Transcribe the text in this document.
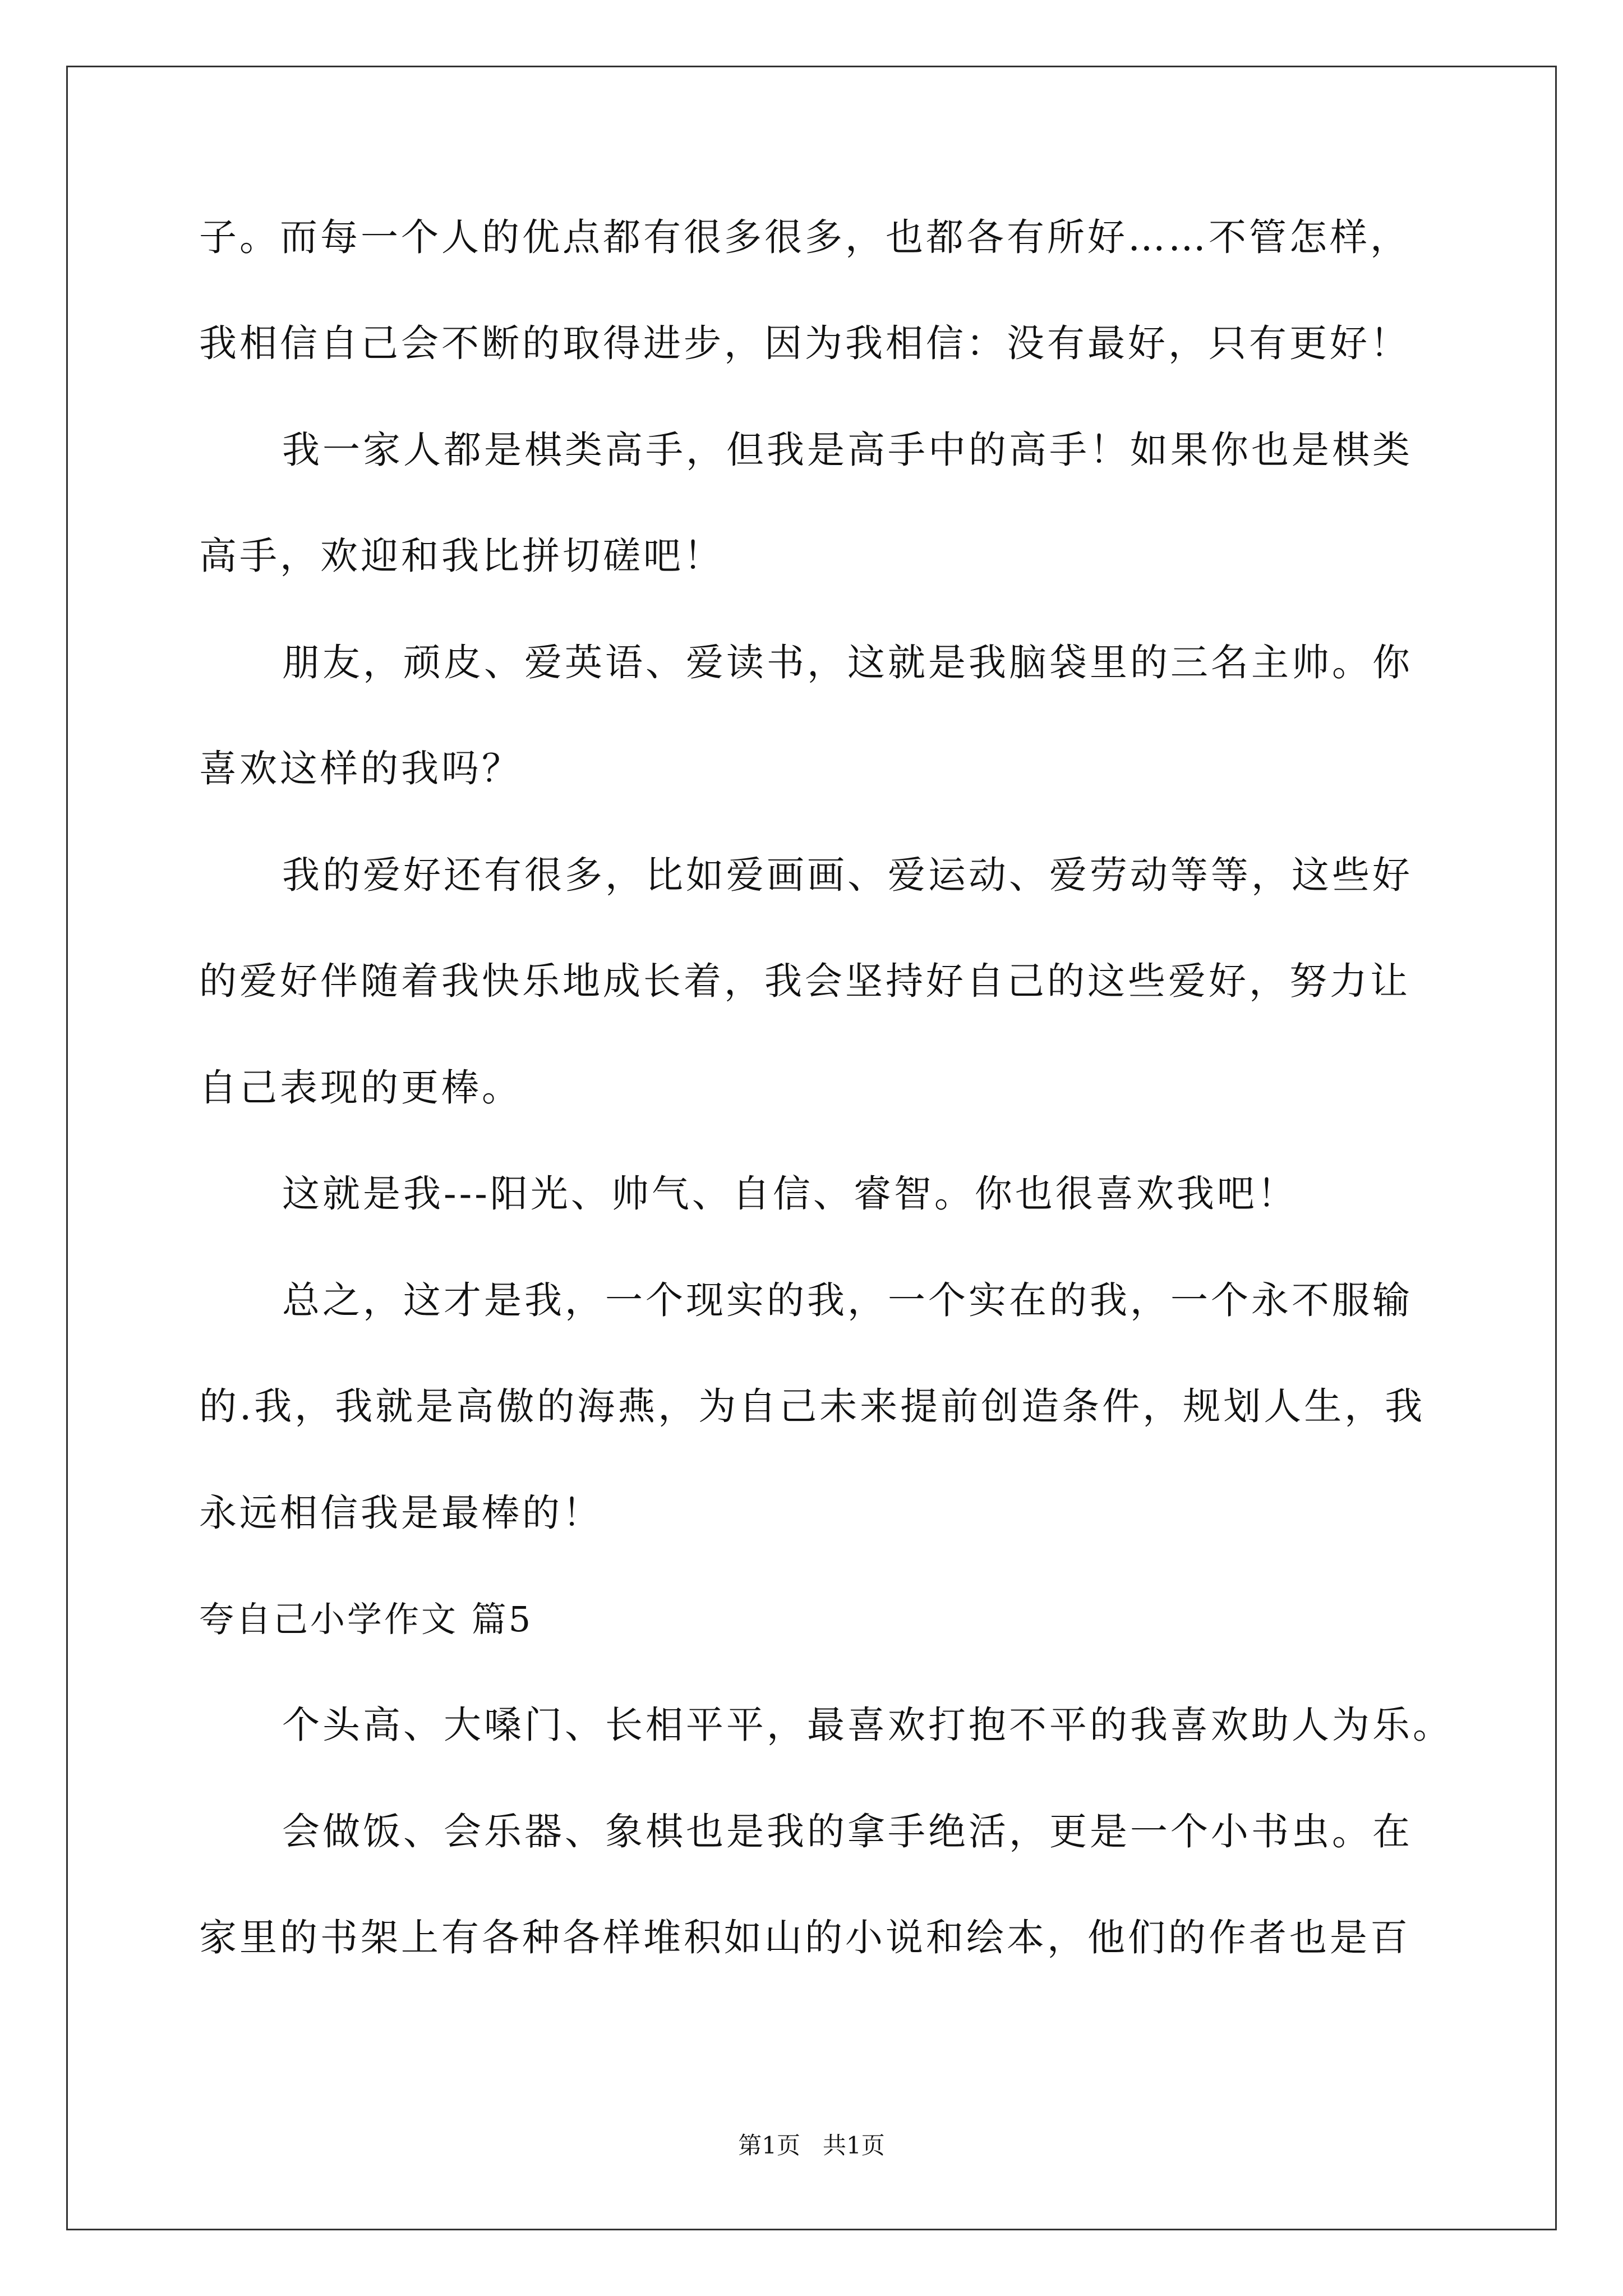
子。而每一个人的优点都有很多很多，也都各有所好……不管怎样，
我相信自己会不断的取得进步，因为我相信：没有最好，只有更好！
我一家人都是棋类高手，但我是高手中的高手！如果你也是棋类
高手，欢迎和我比拼切磋吧！
朋友，顽皮、爱英语、爱读书，这就是我脑袋里的三名主帅。你
喜欢这样的我吗？
我的爱好还有很多，比如爱画画、爱运动、爱劳动等等，这些好
的爱好伴随着我快乐地成长着，我会坚持好自己的这些爱好，努力让
自己表现的更棒。
这就是我---阳光、帅气、自信、睿智。你也很喜欢我吧！
总之，这才是我，一个现实的我，一个实在的我，一个永不服输
的.我，我就是高傲的海燕，为自己未来提前创造条件，规划人生，我
永远相信我是最棒的！
夸自己小学作文 篇5
个头高、大嗓门、长相平平，最喜欢打抱不平的我喜欢助人为乐。
会做饭、会乐器、象棋也是我的拿手绝活，更是一个小书虫。在
家里的书架上有各种各样堆积如山的小说和绘本，他们的作者也是百
第1页 共1页
